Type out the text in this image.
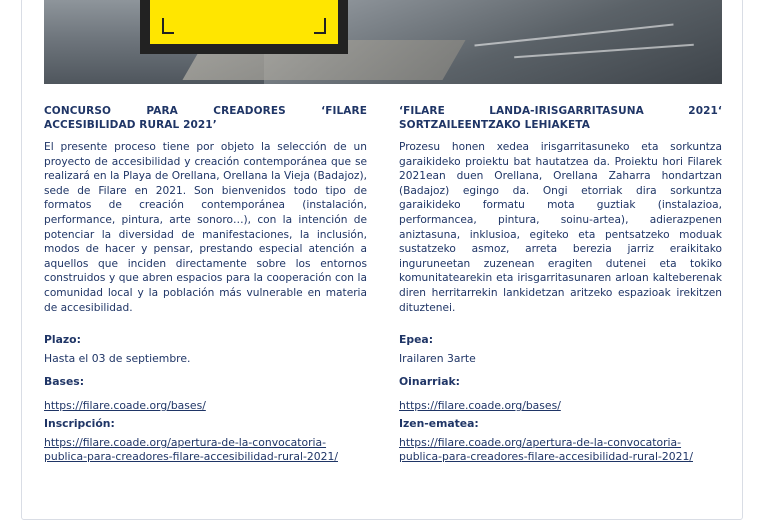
CONCURSO PARA CREADORES ‘FILARE
ACCESIBILIDAD RURAL 2021’

El presente proceso tiene por objeto la selección de un proyecto de accesibilidad y creación contemporánea que se realizará en la Playa de Orellana, Orellana la Vieja (Badajoz), sede de Filare en 2021. Son bienvenidos todo tipo de formatos de creación contemporánea (instalación, performance, pintura, arte sonoro…), con la intención de potenciar la diversidad de manifestaciones, la inclusión, modos de hacer y pensar, prestando especial atención a aquellos que inciden directamente sobre los entornos construidos y que abren espacios para la cooperación con la comunidad local y la población más vulnerable en materia de accesibilidad.

Plazo:

Hasta el 03 de septiembre.

Bases:

https://filare.coade.org/bases/

Inscripción:

https://filare.coade.org/apertura-de-la-convocatoria-publica-para-creadores-filare-accesibilidad-rural-2021/

‘FILARE LANDA-IRISGARRITASUNA 2021‘
SORTZAILEENTZAKO LEHIAKETA

Prozesu honen xedea irisgarritasuneko eta sorkuntza garaikideko proiektu bat hautatzea da. Proiektu hori Filarek 2021ean duen Orellana, Orellana Zaharra hondartzan (Badajoz) egingo da. Ongi etorriak dira sorkuntza garaikideko formatu mota guztiak (instalazioa, performancea, pintura, soinu-artea), adierazpenen aniztasuna, inklusioa, egiteko eta pentsatzeko moduak sustatzeko asmoz, arreta berezia jarriz eraikitako inguruneetan zuzenean eragiten dutenei eta tokiko komunitatearekin eta irisgarritasunaren arloan kalteberenak diren herritarrekin lankidetzan aritzeko espazioak irekitzen dituztenei.

Epea:

Irailaren 3arte

Oinarriak:

https://filare.coade.org/bases/

Izen-ematea:

https://filare.coade.org/apertura-de-la-convocatoria-publica-para-creadores-filare-accesibilidad-rural-2021/
